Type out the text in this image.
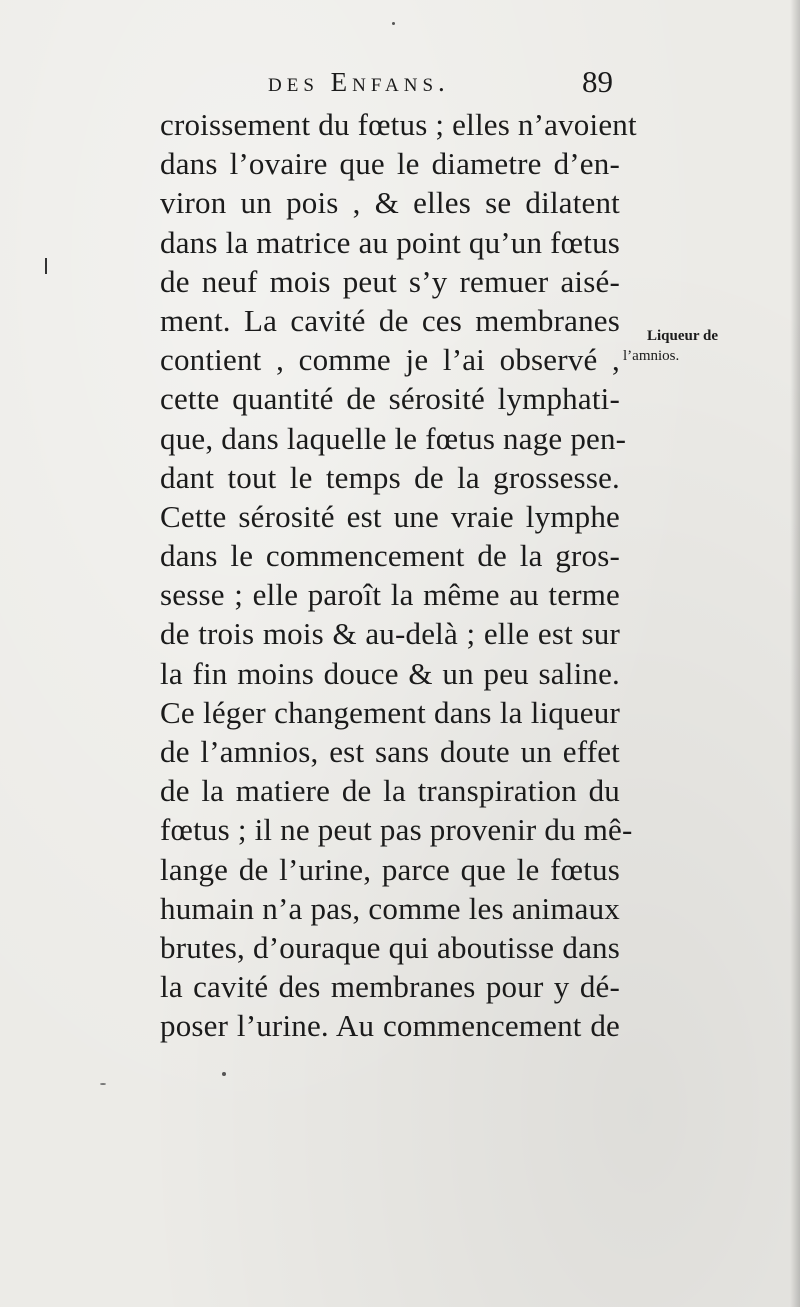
des Enfans.	89
croissement du fœtus ; elles n’avoient
dans l’ovaire que le diametre d’en-
viron un pois , & elles se dilatent
dans la matrice au point qu’un fœtus
de neuf mois peut s’y remuer aisé-
ment. La cavité de ces membranes
contient , comme je l’ai observé ,
cette quantité de sérosité lymphati-
que, dans laquelle le fœtus nage pen-
dant tout le temps de la grossesse.
Cette sérosité est une vraie lymphe
dans le commencement de la gros-
sesse ; elle paroît la même au terme
de trois mois & au-delà ; elle est sur
la fin moins douce & un peu saline.
Ce léger changement dans la liqueur
de l’amnios, est sans doute un effet
de la matiere de la transpiration du
fœtus ; il ne peut pas provenir du mê-
lange de l’urine, parce que le fœtus
humain n’a pas, comme les animaux
brutes, d’ouraque qui aboutisse dans
la cavité des membranes pour y dé-
poser l’urine. Au commencement de
Liqueur de
l’amnios.
